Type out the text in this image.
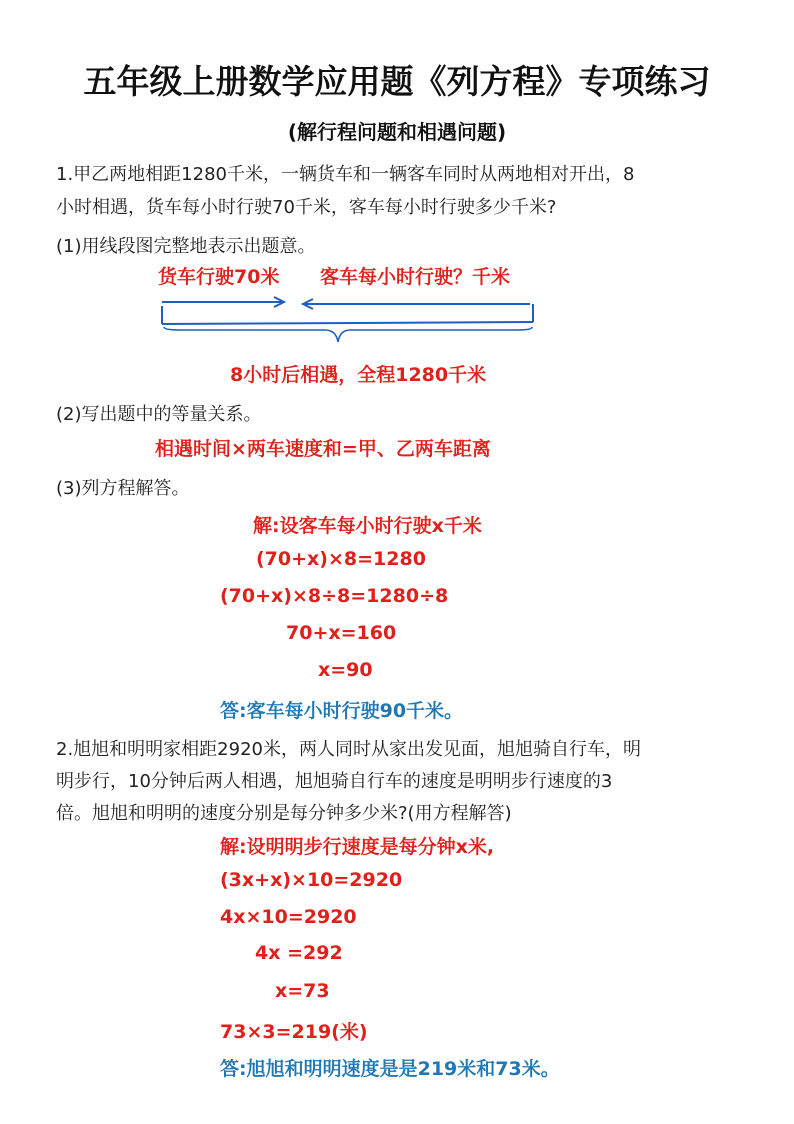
五年级上册数学应用题《列方程》专项练习
(解行程问题和相遇问题)
1.甲乙两地相距1280千米，一辆货车和一辆客车同时从两地相对开出，8
小时相遇，货车每小时行驶70千米，客车每小时行驶多少千米?
(1)用线段图完整地表示出题意。
货车行驶70米 客车每小时行驶？千米
8小时后相遇，全程1280千米
(2)写出题中的等量关系。
相遇时间×两车速度和=甲、乙两车距离
(3)列方程解答。
解:设客车每小时行驶x千米
(70+x)×8=1280
(70+x)×8÷8=1280÷8
70+x=160
x=90
答:客车每小时行驶90千米。
2.旭旭和明明家相距2920米，两人同时从家出发见面，旭旭骑自行车，明
明步行，10分钟后两人相遇，旭旭骑自行车的速度是明明步行速度的3
倍。旭旭和明明的速度分别是每分钟多少米?(用方程解答)
解:设明明步行速度是每分钟x米,
(3x+x)×10=2920
4x×10=2920
4x =292
x=73
73×3=219(米)
答:旭旭和明明速度是是219米和73米。
